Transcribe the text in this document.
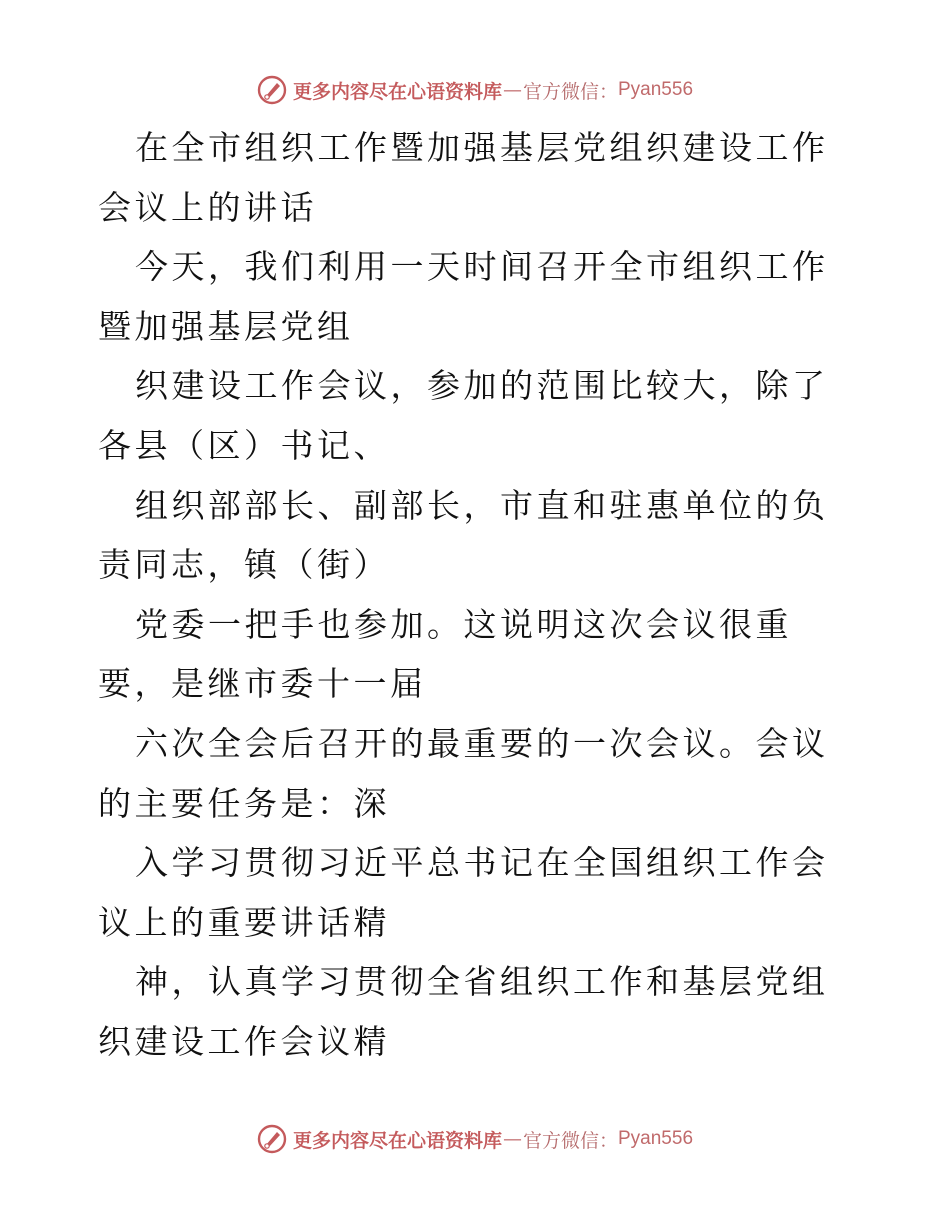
更多内容尽在心语资料库 — 官方微信： Pyan556

在全市组织工作暨加强基层党组织建设工作会议上的讲话

今天，我们利用一天时间召开全市组织工作暨加强基层党组

织建设工作会议，参加的范围比较大，除了各县（区）书记、

组织部部长、副部长，市直和驻惠单位的负责同志，镇（街）

党委一把手也参加。这说明这次会议很重要，是继市委十一届

六次全会后召开的最重要的一次会议。会议的主要任务是：深

入学习贯彻习近平总书记在全国组织工作会议上的重要讲话精

神，认真学习贯彻全省组织工作和基层党组织建设工作会议精

更多内容尽在心语资料库 — 官方微信： Pyan556
